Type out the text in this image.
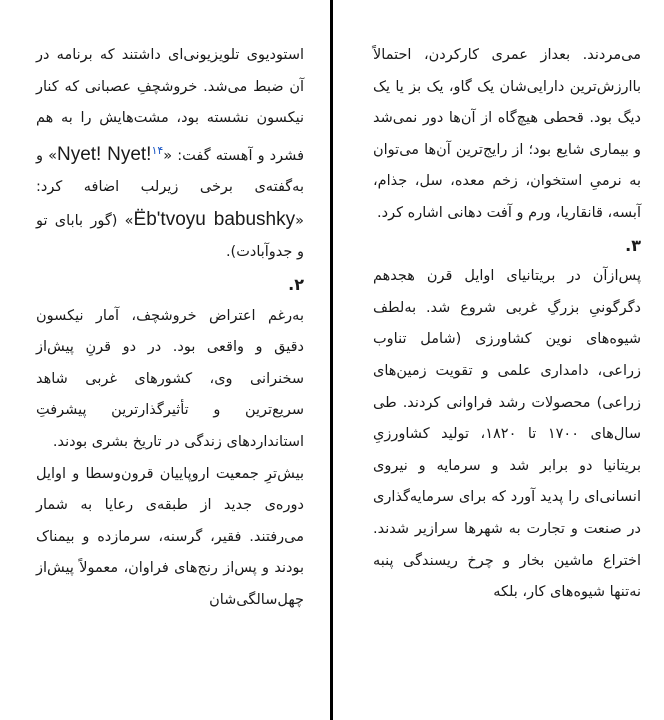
می‌مردند. بعداز عمری کارکردن، احتمالاً باارزش‌ترین دارایی‌شان یک گاو، یک بز یا یک دیگ بود. قحطی هیچ‌گاه از آن‌ها دور نمی‌شد و بیماری شایع بود؛ از رایج‌ترین آن‌ها می‌توان به نرمیِ استخوان، زخم معده، سل، جذام، آبسه، قانقاریا، ورم و آفت دهانی اشاره کرد.

۳.

پس‌ازآن در بریتانیای اوایل قرن هجدهم دگرگونیِ بزرگِ غربی شروع شد. به‌لطف شیوه‌های نوین کشاورزی (شامل تناوب زراعی، دامداری علمی و تقویت زمین‌های زراعی) محصولات رشد فراوانی کردند. طی سال‌های ۱۷۰۰ تا ۱۸۲۰، تولید کشاورزیِ بریتانیا دو برابر شد و سرمایه و نیروی انسانی‌ای را پدید آورد که برای سرمایه‌گذاری در صنعت و تجارت به شهرها سرازیر شدند. اختراع ماشین بخار و چرخ ریسندگی پنبه نه‌تنها شیوه‌های کار، بلکه

استودیوی تلویزیونی‌ای داشتند که برنامه در آن ضبط می‌شد. خروشچفِ عصبانی که کنار نیکسون نشسته بود، مشت‌هایش را به هم فشرد و آهسته گفت: «Nyet! Nyet!$^{۱۴}$» و به‌گفته‌ی برخی زیرلب اضافه کرد: «Ëb'tvoyu babushky» (گور بابای تو و جدوآبادت).

۲.

به‌رغم اعتراض خروشچف، آمار نیکسون دقیق و واقعی بود. در دو قرنِ پیش‌از سخنرانی وی، کشورهای غربی شاهد سریع‌ترین و تأثیرگذارترین پیشرفتِ استانداردهای زندگی در تاریخ بشری بودند.

بیش‌ترِ جمعیت اروپاییان قرون‌وسطا و اوایل دوره‌ی جدید از طبقه‌ی رعایا به شمار می‌رفتند. فقیر، گرسنه، سرمازده و بیمناک بودند و پس‌از رنج‌های فراوان، معمولاً پیش‌از چهل‌سالگی‌شان
